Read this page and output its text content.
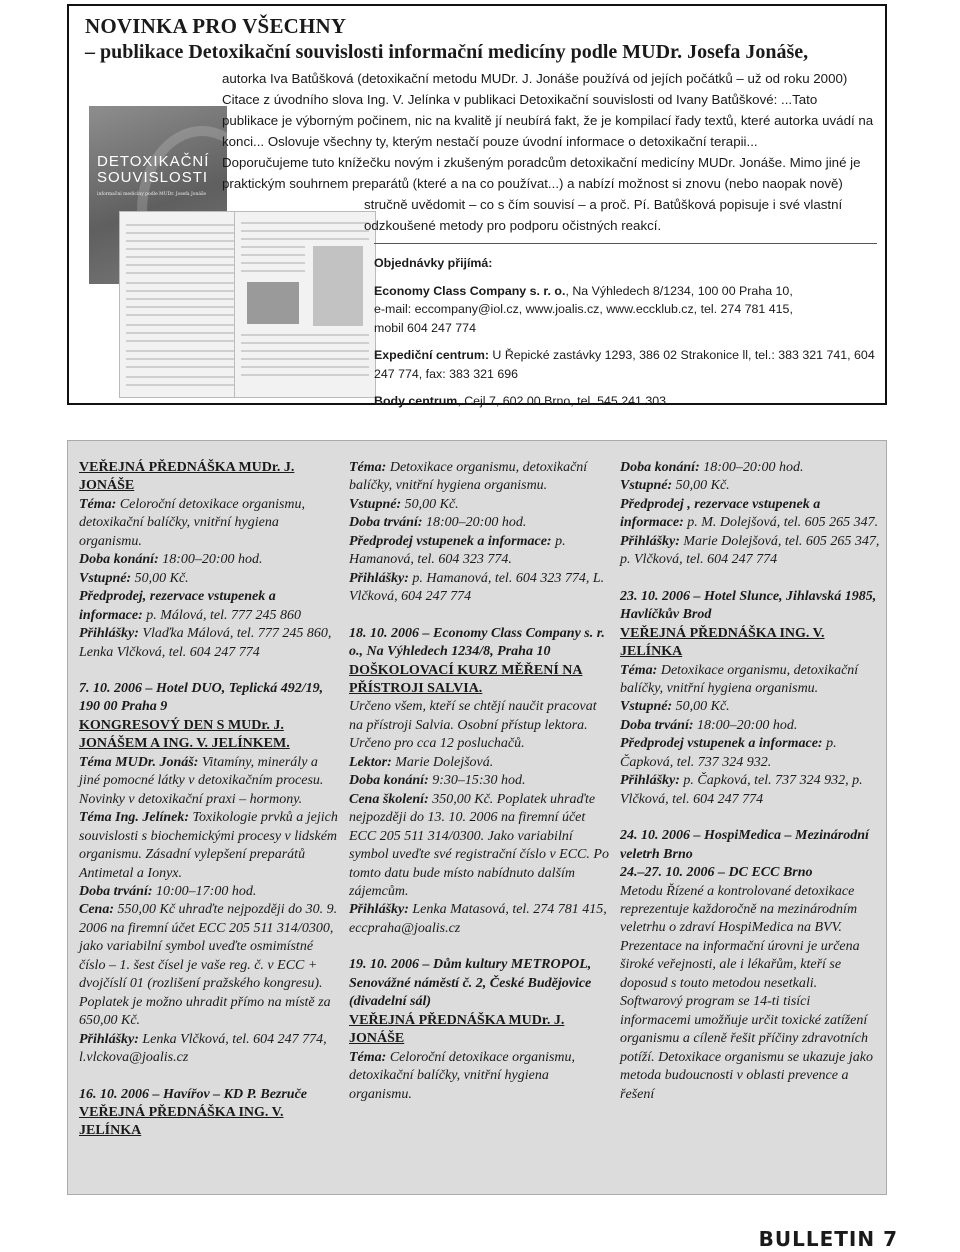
NOVINKA PRO VŠECHNY
– publikace Detoxikační souvislosti informační medicíny podle MUDr. Josefa Jonáše,
DETOXIKAČNÍ SOUVISLOSTI
informační medicíny podle MUDr. Josefa Jonáše

autorka Iva Batůšková (detoxikační metodu MUDr. J. Jonáše používá od jejích počátků – už od roku 2000)

Citace z úvodního slova Ing. V. Jelínka v publikaci Detoxikační souvislosti od Ivany Batůškové: ...Tato publikace je výborným počinem, nic na kvalitě jí neubírá fakt, že je kompilací řady textů, které autorka uvádí na konci... Oslovuje všechny ty, kterým nestačí pouze úvodní informace o detoxikační terapii...

Doporučujeme tuto knížečku novým i zkušeným poradcům detoxikační medicíny MUDr. Jonáše. Mimo jiné je praktickým souhrnem preparátů (které a na co používat...) a nabízí možnost si znovu (nebo naopak nově)

stručně uvědomit – co s čím souvisí – a proč. Pí. Batůšková popisuje i své vlastní odzkoušené metody pro podporu očistných reakcí.

Objednávky přijímá:

Economy Class Company s. r. o., Na Výhledech 8/1234, 100 00 Praha 10,
e-mail: eccompany@iol.cz, www.joalis.cz, www.eccklub.cz, tel. 274 781 415,
mobil 604 247 774

Expediční centrum: U Řepické zastávky 1293, 386 02 Strakonice ll, tel.: 383 321 741, 604 247 774, fax: 383 321 696

Body centrum, Cejl 7, 602 00 Brno, tel. 545 241 303

VEŘEJNÁ PŘEDNÁŠKA MUDr. J. JONÁŠE

Téma: Celoroční detoxikace organismu, detoxikační balíčky, vnitřní hygiena organismu.

Doba konání: 18:00–20:00 hod.

Vstupné: 50,00 Kč.

Předprodej, rezervace vstupenek a informace: p. Málová, tel. 777 245 860

Přihlášky: Vlaďka Málová, tel. 777 245 860, Lenka Vlčková, tel. 604 247 774

7. 10. 2006 – Hotel DUO, Teplická 492/19, 190 00 Praha 9

KONGRESOVÝ DEN S MUDr. J. JONÁŠEM A ING. V. JELÍNKEM.

Téma MUDr. Jonáš: Vitamíny, minerály a jiné pomocné látky v detoxikačním procesu. Novinky v detoxikační praxi – hormony.

Téma Ing. Jelínek: Toxikologie prvků a jejich souvislosti s biochemickými procesy v lidském organismu. Zásadní vylepšení preparátů Antimetal a Ionyx.

Doba trvání: 10:00–17:00 hod.

Cena: 550,00 Kč uhraďte nejpozději do 30. 9. 2006 na firemní účet ECC 205 511 314/0300, jako variabilní symbol uveďte osmimístné číslo – 1. šest čísel je vaše reg. č. v ECC + dvojčíslí 01 (rozlišení pražského kongresu). Poplatek je možno uhradit přímo na místě za 650,00 Kč.

Přihlášky: Lenka Vlčková, tel. 604 247 774, l.vlckova@joalis.cz

16. 10. 2006 – Havířov – KD P. Bezruče

VEŘEJNÁ PŘEDNÁŠKA ING. V. JELÍNKA

Téma: Detoxikace organismu, detoxikační balíčky, vnitřní hygiena organismu.

Vstupné: 50,00 Kč.

Doba trvání: 18:00–20:00 hod.

Předprodej vstupenek a informace: p. Hamanová, tel. 604 323 774.

Přihlášky: p. Hamanová, tel. 604 323 774, L. Vlčková, 604 247 774

18. 10. 2006 – Economy Class Company s. r. o., Na Výhledech 1234/8, Praha 10

DOŠKOLOVACÍ KURZ MĚŘENÍ NA PŘÍSTROJI SALVIA.

Určeno všem, kteří se chtějí naučit pracovat na přístroji Salvia. Osobní přístup lektora. Určeno pro cca 12 posluchačů.

Lektor: Marie Dolejšová.

Doba konání: 9:30–15:30 hod.

Cena školení: 350,00 Kč. Poplatek uhraďte nejpozději do 13. 10. 2006 na firemní účet ECC 205 511 314/0300. Jako variabilní symbol uveďte své registrační číslo v ECC. Po tomto datu bude místo nabídnuto dalším zájemcům.

Přihlášky: Lenka Matasová, tel. 274 781 415, eccpraha@joalis.cz

19. 10. 2006 – Dům kultury METROPOL, Senovážné náměstí č. 2, České Budějovice (divadelní sál)

VEŘEJNÁ PŘEDNÁŠKA MUDr. J. JONÁŠE

Téma: Celoroční detoxikace organismu, detoxikační balíčky, vnitřní hygiena organismu.

Doba konání: 18:00–20:00 hod.

Vstupné: 50,00 Kč.

Předprodej , rezervace vstupenek a informace: p. M. Dolejšová, tel. 605 265 347.

Přihlášky: Marie Dolejšová, tel. 605 265 347, p. Vlčková, tel. 604 247 774

23. 10. 2006 – Hotel Slunce, Jihlavská 1985, Havlíčkův Brod

VEŘEJNÁ PŘEDNÁŠKA ING. V. JELÍNKA

Téma: Detoxikace organismu, detoxikační balíčky, vnitřní hygiena organismu.

Vstupné: 50,00 Kč.

Doba trvání: 18:00–20:00 hod.

Předprodej vstupenek a informace: p. Čapková, tel. 737 324 932.

Přihlášky: p. Čapková, tel. 737 324 932, p. Vlčková, tel. 604 247 774

24. 10. 2006 – HospiMedica – Mezinárodní veletrh Brno

24.–27. 10. 2006 – DC ECC Brno

Metodu Řízené a kontrolované detoxikace reprezentuje každoročně na mezinárodním veletrhu o zdraví HospiMedica na BVV. Prezentace na informační úrovni je určena široké veřejnosti, ale i lékařům, kteří se doposud s touto metodou nesetkali. Softwarový program se 14-ti tisíci informacemi umožňuje určit toxické zatížení organismu a cíleně řešit příčiny zdravotních potíží. Detoxikace organismu se ukazuje jako metoda budoucnosti v oblasti prevence a řešení

BULLETIN 7
